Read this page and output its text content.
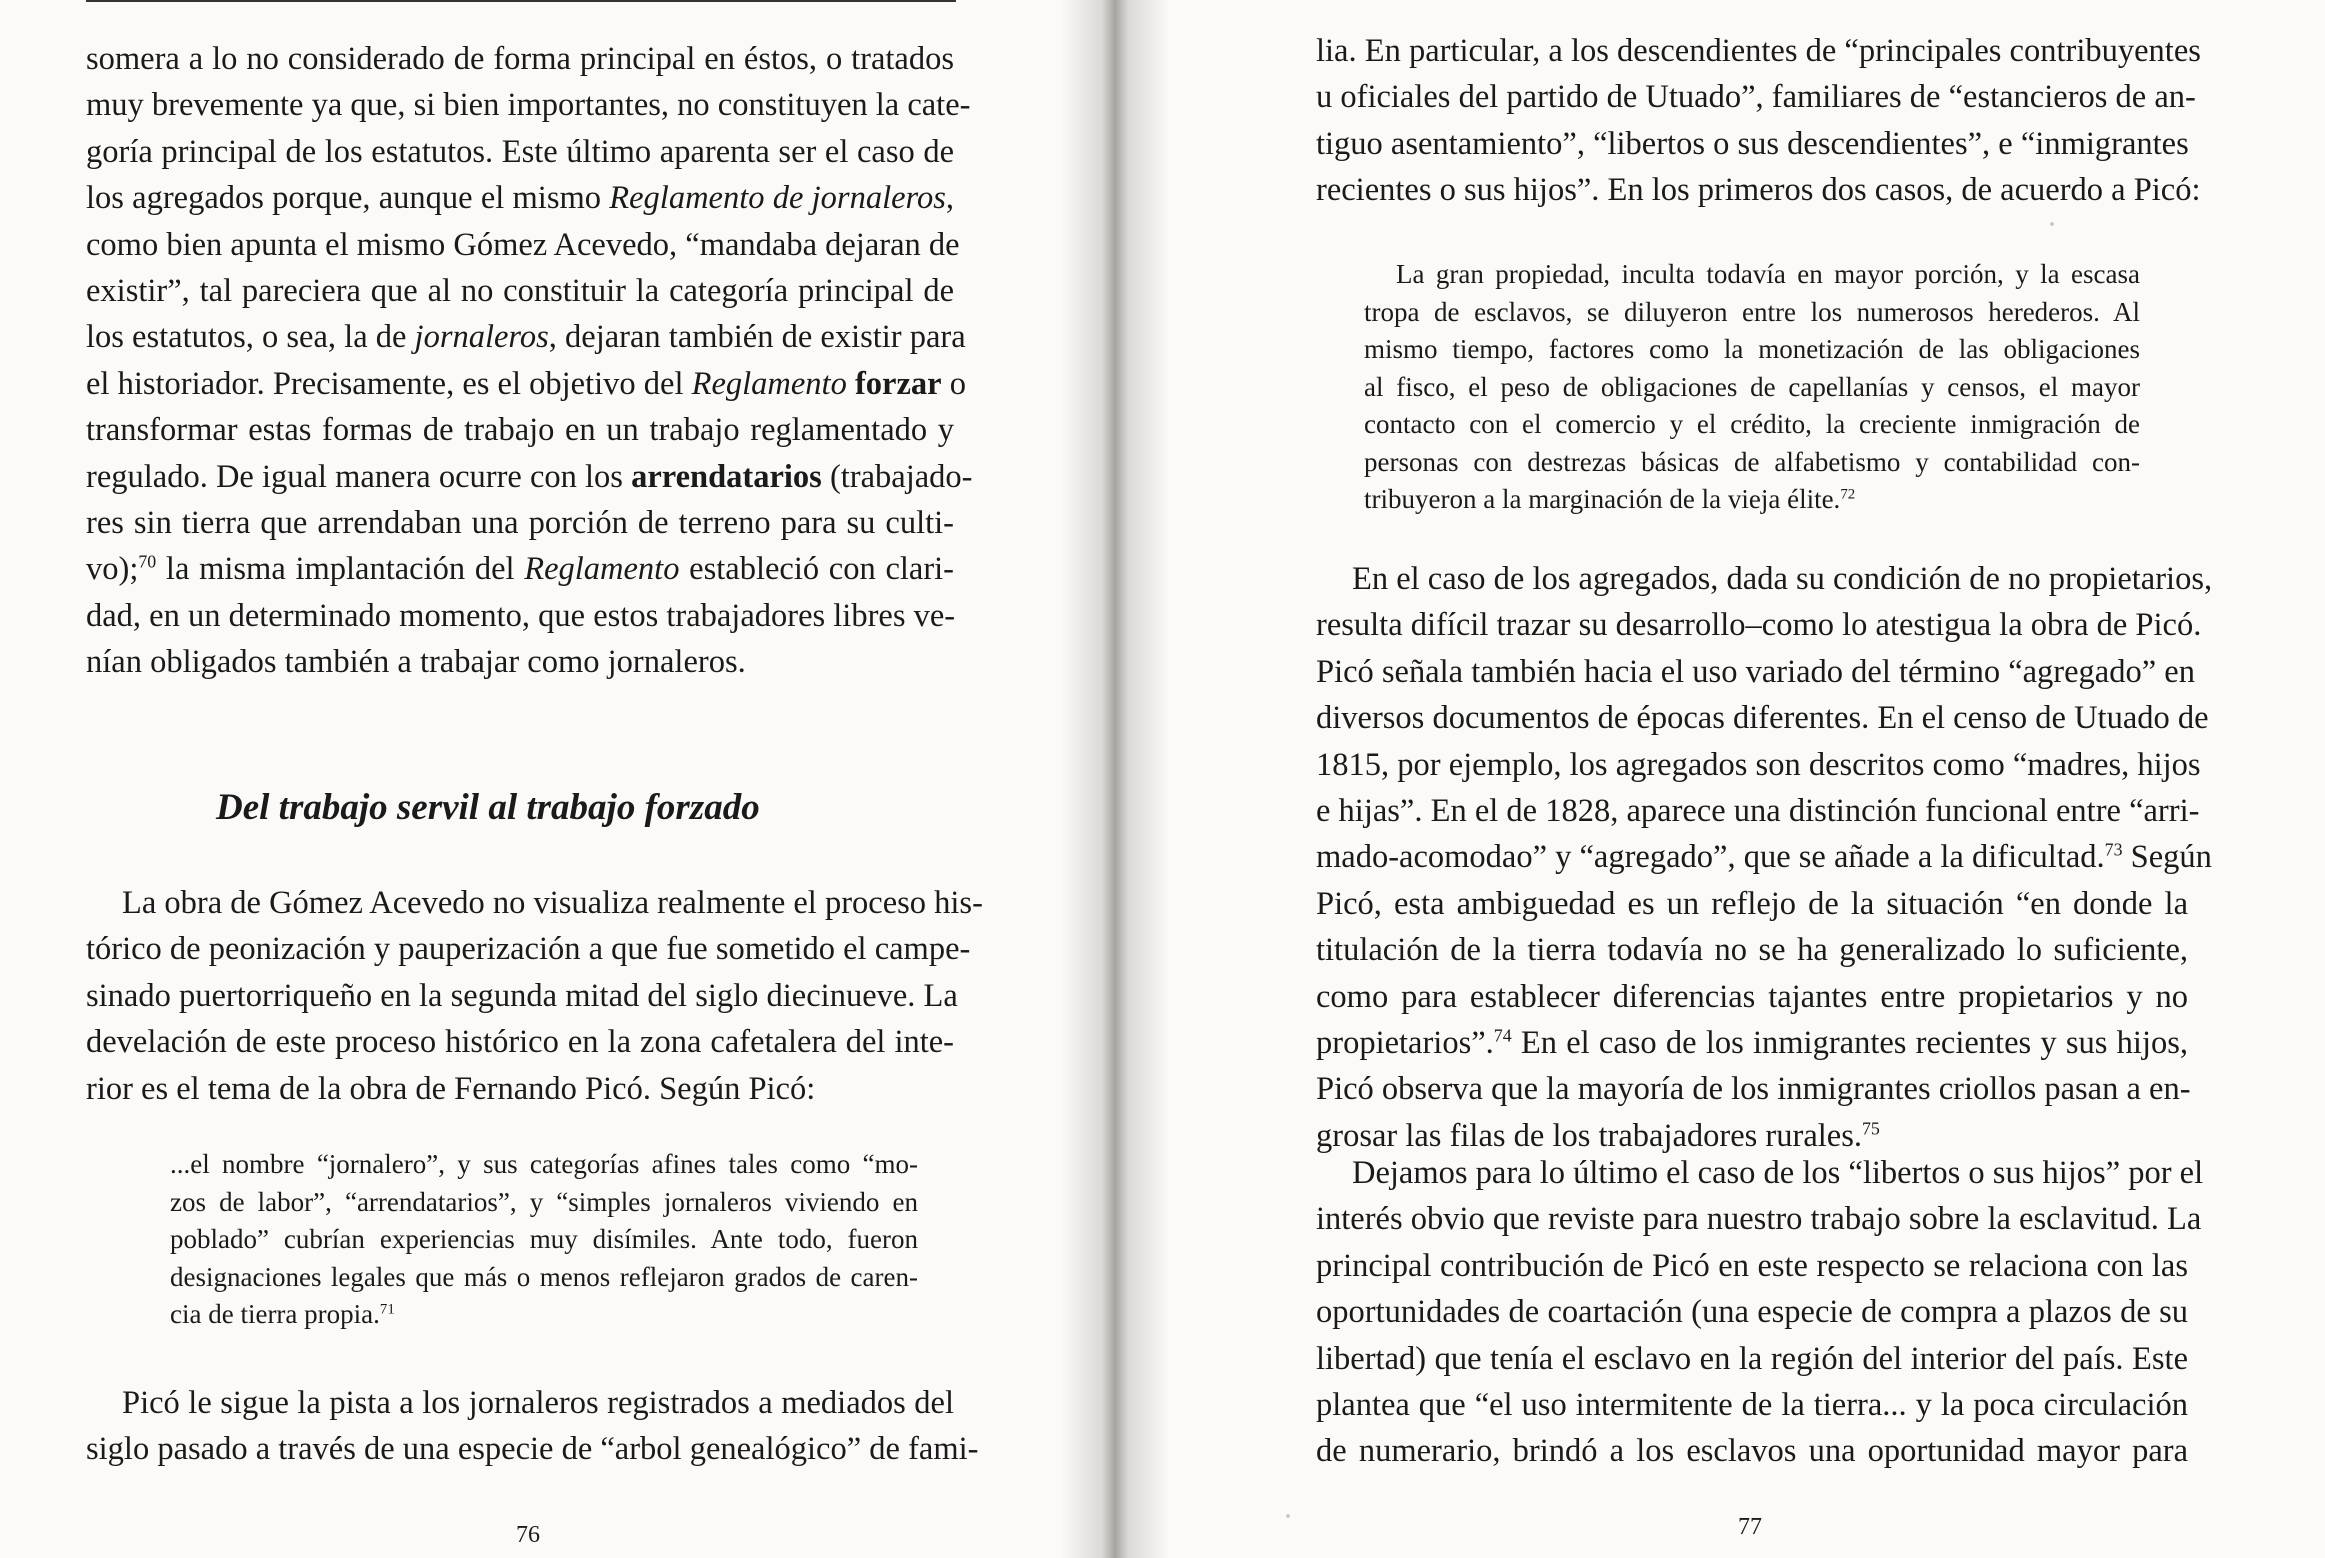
somera a lo no considerado de forma principal en éstos, o tratados
muy brevemente ya que, si bien importantes, no constituyen la cate-
goría principal de los estatutos. Este último aparenta ser el caso de
los agregados porque, aunque el mismo Reglamento de jornaleros,
como bien apunta el mismo Gómez Acevedo, “mandaba dejaran de
existir”, tal pareciera que al no constituir la categoría principal de
los estatutos, o sea, la de jornaleros, dejaran también de existir para
el historiador. Precisamente, es el objetivo del Reglamento forzar o
transformar estas formas de trabajo en un trabajo reglamentado y
regulado. De igual manera ocurre con los arrendatarios (trabajado-
res sin tierra que arrendaban una porción de terreno para su culti-
vo);$^{70}$ la misma implantación del Reglamento estableció con clari-
dad, en un determinado momento, que estos trabajadores libres ve-
nían obligados también a trabajar como jornaleros.
Del trabajo servil al trabajo forzado
La obra de Gómez Acevedo no visualiza realmente el proceso his-
tórico de peonización y pauperización a que fue sometido el campe-
sinado puertorriqueño en la segunda mitad del siglo diecinueve. La
develación de este proceso histórico en la zona cafetalera del inte-
rior es el tema de la obra de Fernando Picó. Según Picó:
...el nombre “jornalero”, y sus categorías afines tales como “mo-
zos de labor”, “arrendatarios”, y “simples jornaleros viviendo en
poblado” cubrían experiencias muy disímiles. Ante todo, fueron
designaciones legales que más o menos reflejaron grados de caren-
cia de tierra propia.$^{71}$
Picó le sigue la pista a los jornaleros registrados a mediados del
siglo pasado a través de una especie de “arbol genealógico” de fami-
76
lia. En particular, a los descendientes de “principales contribuyentes
u oficiales del partido de Utuado”, familiares de “estancieros de an-
tiguo asentamiento”, “libertos o sus descendientes”, e “inmigrantes
recientes o sus hijos”. En los primeros dos casos, de acuerdo a Picó:
La gran propiedad, inculta todavía en mayor porción, y la escasa
tropa de esclavos, se diluyeron entre los numerosos herederos. Al
mismo tiempo, factores como la monetización de las obligaciones
al fisco, el peso de obligaciones de capellanías y censos, el mayor
contacto con el comercio y el crédito, la creciente inmigración de
personas con destrezas básicas de alfabetismo y contabilidad con-
tribuyeron a la marginación de la vieja élite.$^{72}$
En el caso de los agregados, dada su condición de no propietarios,
resulta difícil trazar su desarrollo–como lo atestigua la obra de Picó.
Picó señala también hacia el uso variado del término “agregado” en
diversos documentos de épocas diferentes. En el censo de Utuado de
1815, por ejemplo, los agregados son descritos como “madres, hijos
e hijas”. En el de 1828, aparece una distinción funcional entre “arri-
mado-acomodao” y “agregado”, que se añade a la dificultad.$^{73}$ Según
Picó, esta ambiguedad es un reflejo de la situación “en donde la
titulación de la tierra todavía no se ha generalizado lo suficiente,
como para establecer diferencias tajantes entre propietarios y no
propietarios”.$^{74}$ En el caso de los inmigrantes recientes y sus hijos,
Picó observa que la mayoría de los inmigrantes criollos pasan a en-
grosar las filas de los trabajadores rurales.$^{75}$
Dejamos para lo último el caso de los “libertos o sus hijos” por el
interés obvio que reviste para nuestro trabajo sobre la esclavitud. La
principal contribución de Picó en este respecto se relaciona con las
oportunidades de coartación (una especie de compra a plazos de su
libertad) que tenía el esclavo en la región del interior del país. Este
plantea que “el uso intermitente de la tierra... y la poca circulación
de numerario, brindó a los esclavos una oportunidad mayor para
77
